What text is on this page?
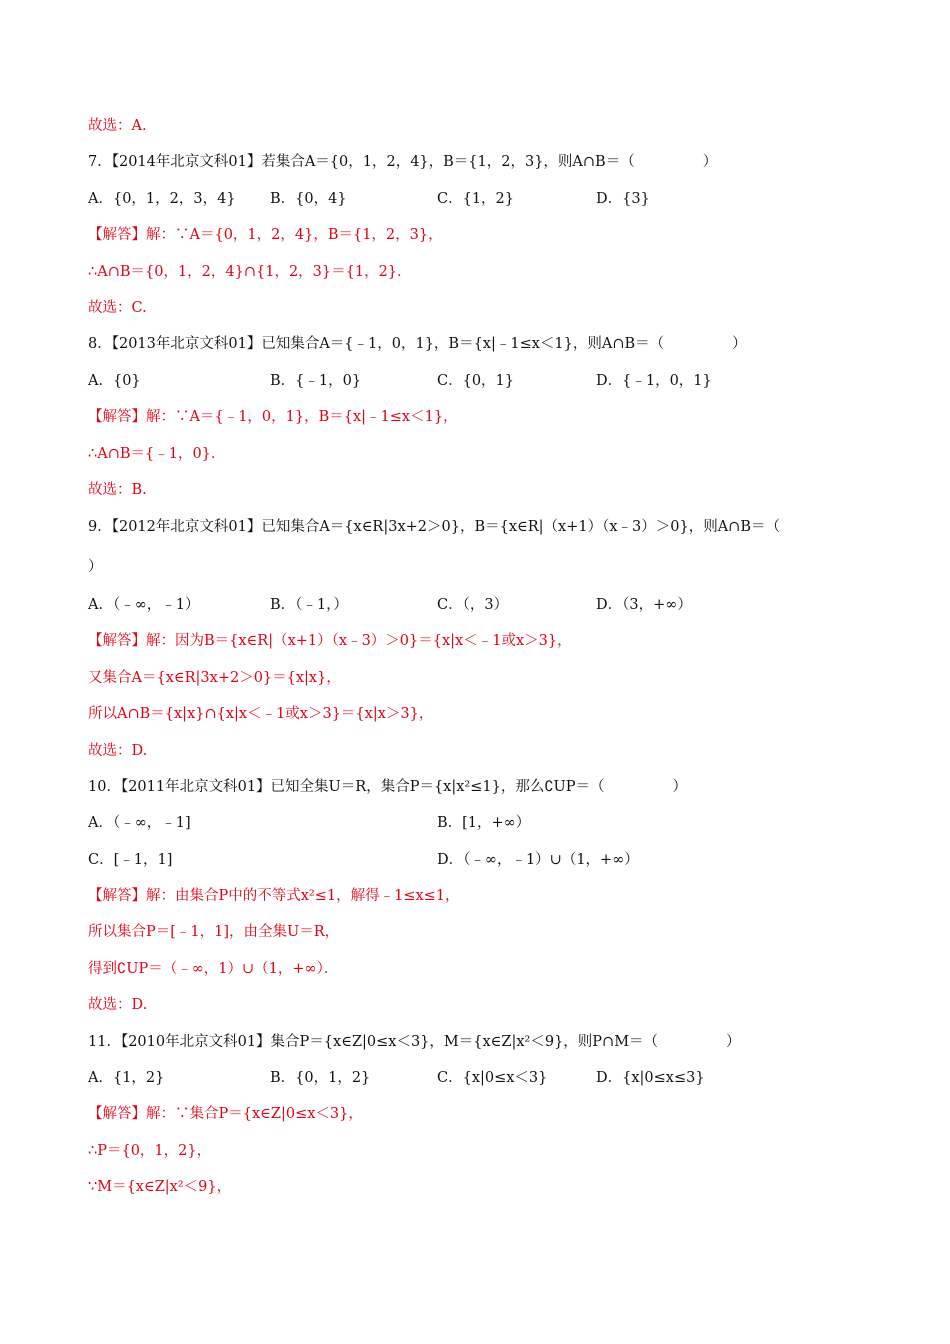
故选：A.
7．【2014年北京文科01】若集合A＝{0，1，2，4}，B＝{1，2，3}，则A∩B＝（	）
A．{0，1，2，3，4} B．{0，4}	C．{1，2}	D．{3}
【解答】解：∵A＝{0，1，2，4}，B＝{1，2，3}，
∴A∩B＝{0，1，2，4}∩{1，2，3}＝{1，2}．
故选：C.
8．【2013年北京文科01】已知集合A＝{﹣1，0，1}，B＝{x|﹣1≤x＜1}，则A∩B＝（	）
A．{0}	B．{﹣1，0}	C．{0，1}	D．{﹣1，0，1}
【解答】解：∵A＝{﹣1，0，1}，B＝{x|﹣1≤x＜1}，
∴A∩B＝{﹣1，0}．
故选：B.
9．【2012年北京文科01】已知集合A＝{x∈R|3x+2＞0}，B＝{x∈R|（x+1）（x﹣3）＞0}，则A∩B＝（
）
A．（﹣∞，﹣1）	B．（﹣1，）	C．（，3）	D．（3，+∞）
【解答】解：因为B＝{x∈R|（x+1）（x﹣3）＞0}＝{x|x＜﹣1或x＞3}，
又集合A＝{x∈R|3x+2＞0}＝{x|x}，
所以A∩B＝{x|x}∩{x|x＜﹣1或x＞3}＝{x|x＞3}，
故选：D.
10．【2011年北京文科01】已知全集U＝R，集合P＝{x|x²≤1}，那么∁UP＝（	）
A．（﹣∞，﹣1]	B．[1，+∞）
C．[﹣1，1]	D．（﹣∞，﹣1）∪（1，+∞）
【解答】解：由集合P中的不等式x²≤1，解得﹣1≤x≤1，
所以集合P＝[﹣1，1]，由全集U＝R，
得到∁UP＝（﹣∞，1）∪（1，+∞）．
故选：D.
11．【2010年北京文科01】集合P＝{x∈Z|0≤x＜3}，M＝{x∈Z|x²＜9}，则P∩M＝（	）
A．{1，2}	B．{0，1，2}	C．{x|0≤x＜3}	D．{x|0≤x≤3}
【解答】解：∵集合P＝{x∈Z|0≤x＜3}，
∴P＝{0，1，2}，
∵M＝{x∈Z|x²＜9}，
